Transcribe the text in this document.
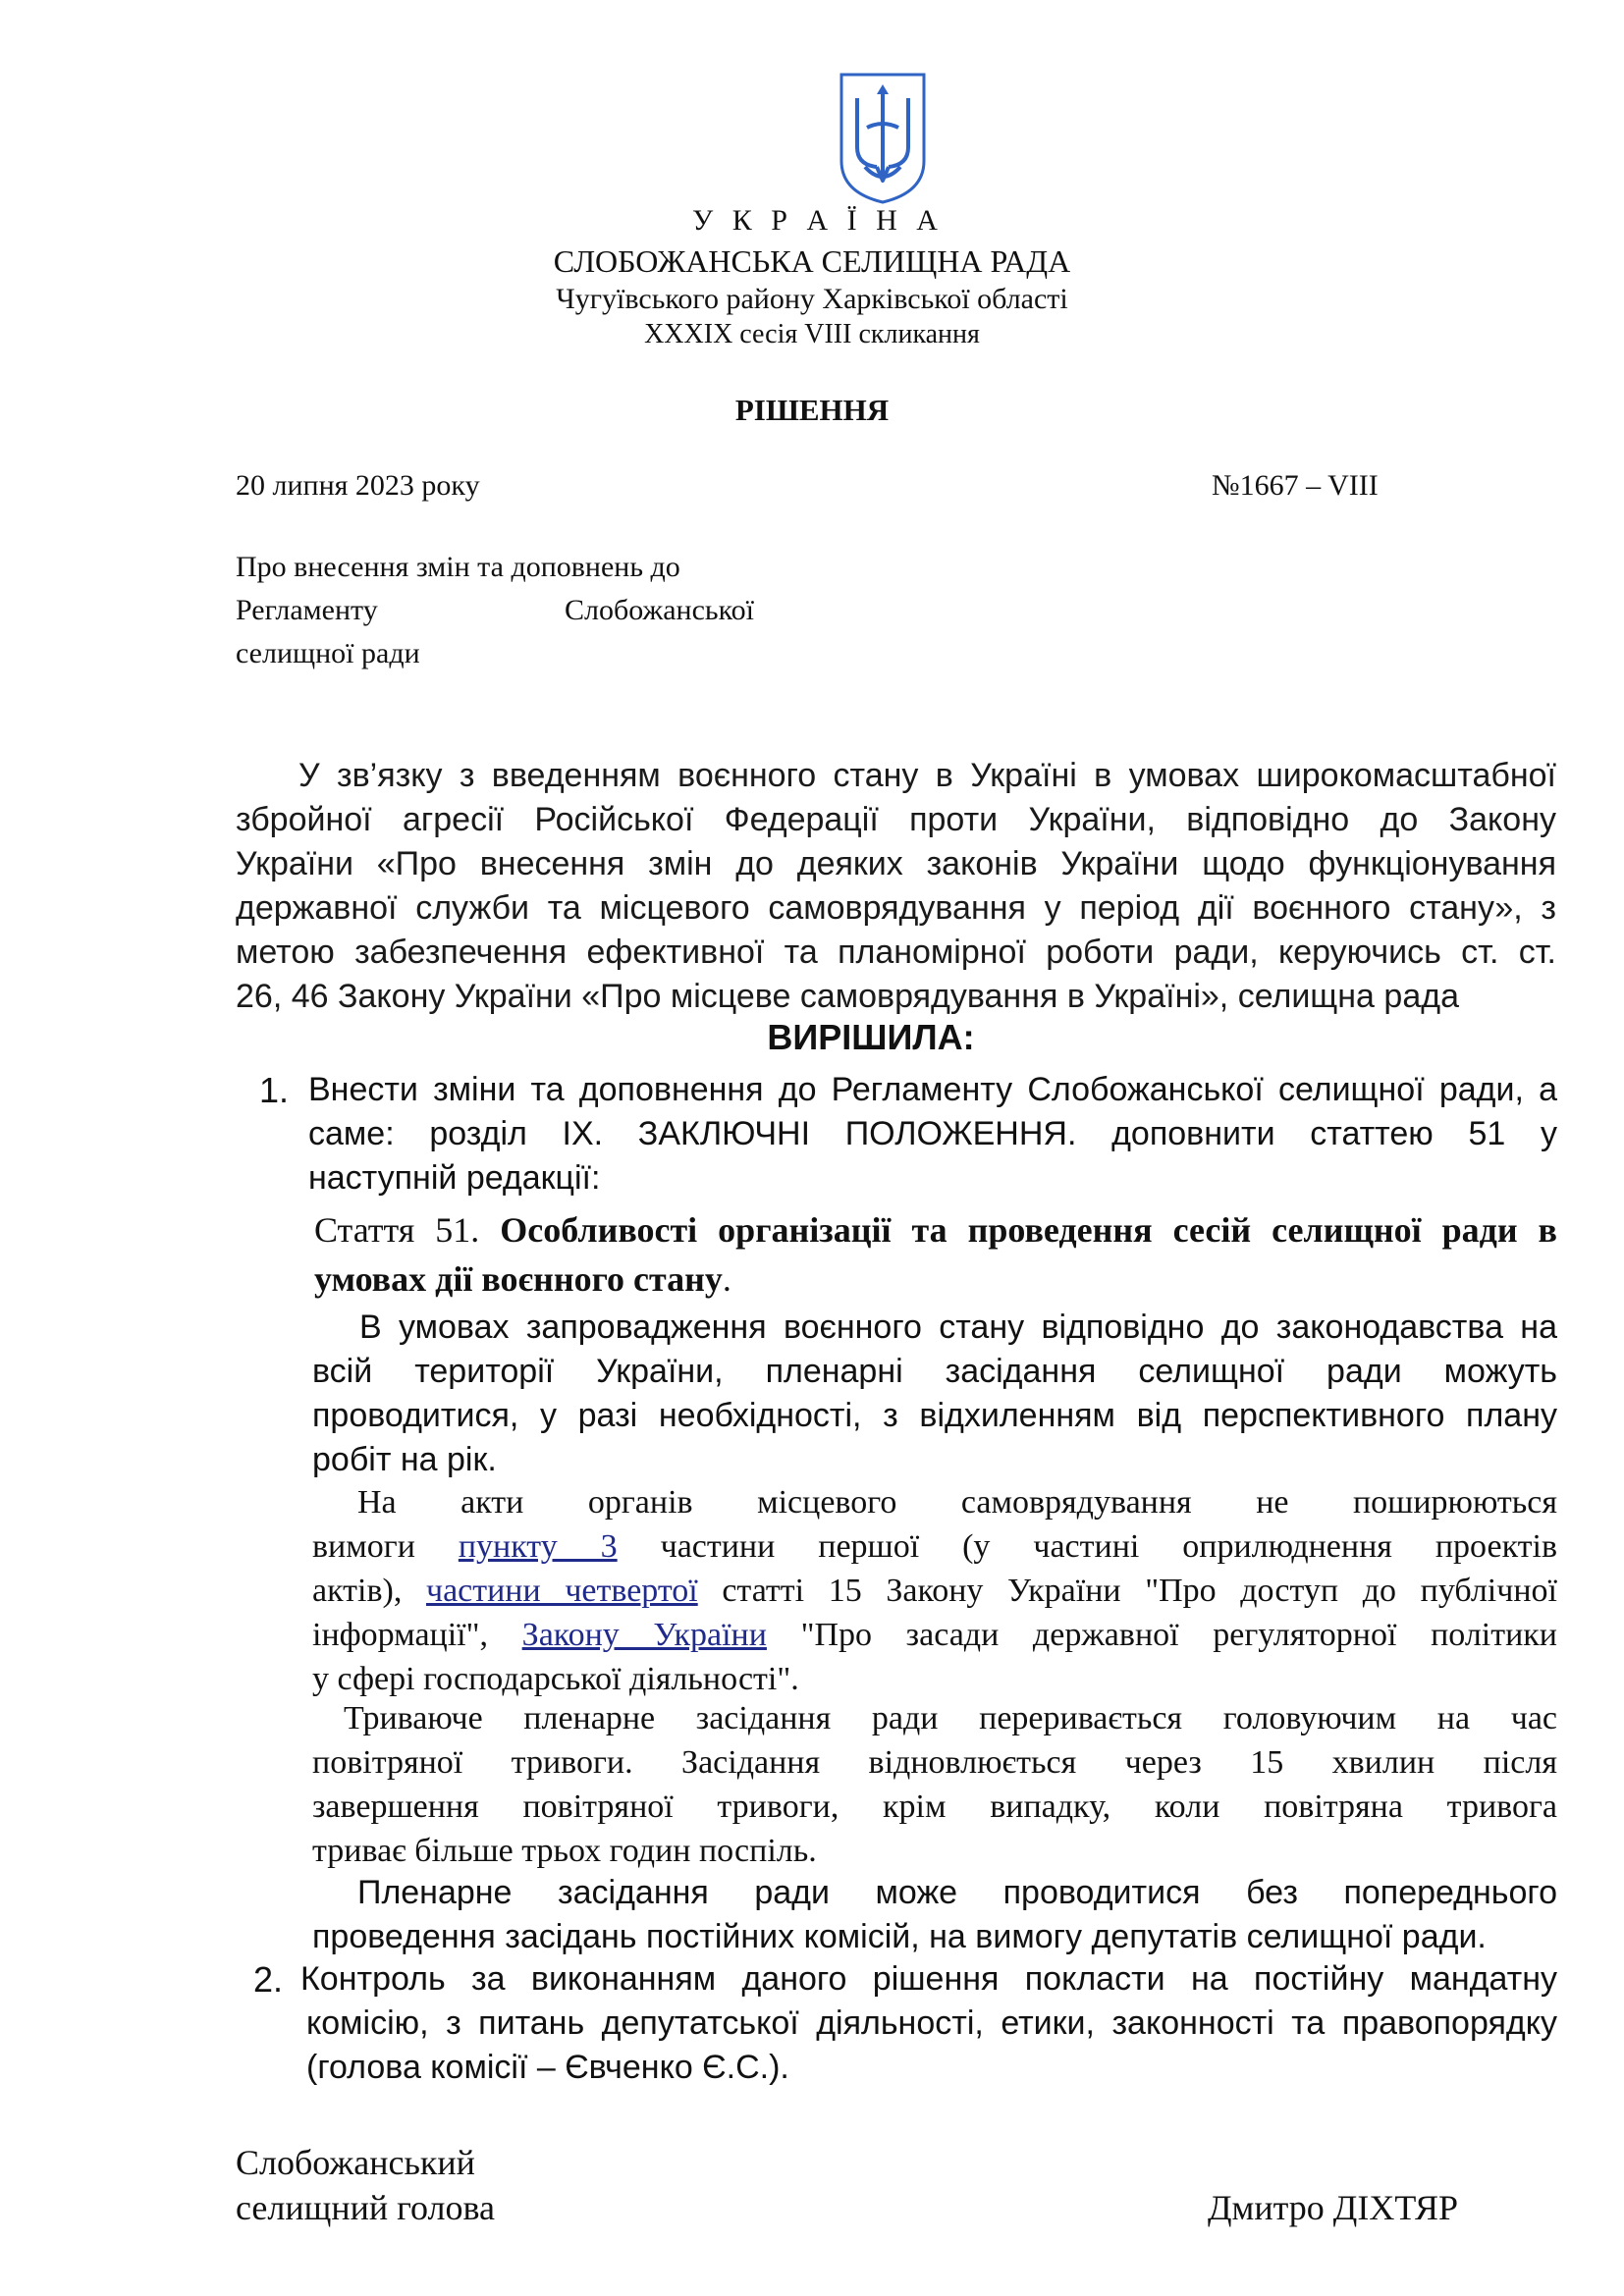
У К Р А Ї Н А
СЛОБОЖАНСЬКА СЕЛИЩНА РАДА
Чугуївського району Харківської області
XXXIX сесія VIII скликання
РІШЕННЯ
20 липня 2023 року	№1667 – VIII
Про внесення змін та доповнень до
Регламенту	Слобожанської
селищної ради
У зв’язку з введенням воєнного стану в Україні в умовах широкомасштабної
збройної агресії Російської Федерації проти України, відповідно до Закону
України «Про внесення змін до деяких законів України щодо функціонування
державної служби та місцевого самоврядування у період дії воєнного стану», з
метою забезпечення ефективної та планомірної роботи ради, керуючись ст. ст.
26, 46 Закону України «Про місцеве самоврядування в Україні», селищна рада
ВИРІШИЛА:
1. Внести зміни та доповнення до Регламенту Слобожанської селищної ради, а
саме: розділ IX. ЗАКЛЮЧНІ ПОЛОЖЕННЯ. доповнити статтею 51 у
наступній редакції:
Стаття 51. Особливості організації та проведення сесій селищної ради в
умовах дії воєнного стану.
В умовах запровадження воєнного стану відповідно до законодавства на
всій території України, пленарні засідання селищної ради можуть
проводитися, у разі необхідності, з відхиленням від перспективного плану
робіт на рік.
На акти органів місцевого самоврядування не поширюються
вимоги пункту 3 частини першої (у частині оприлюднення проектів
актів), частини четвертої статті 15 Закону України "Про доступ до публічної
інформації", Закону України "Про засади державної регуляторної політики
у сфері господарської діяльності".
Триваюче пленарне засідання ради переривається головуючим на час
повітряної тривоги. Засідання відновлюється через 15 хвилин після
завершення повітряної тривоги, крім випадку, коли повітряна тривога
триває більше трьох годин поспіль.
Пленарне засідання ради може проводитися без попереднього
проведення засідань постійних комісій, на вимогу депутатів селищної ради.
2. Контроль за виконанням даного рішення покласти на постійну мандатну
комісію, з питань депутатської діяльності, етики, законності та правопорядку
(голова комісії – Євченко Є.С.).
Слобожанський
селищний голова	Дмитро ДІХТЯР
